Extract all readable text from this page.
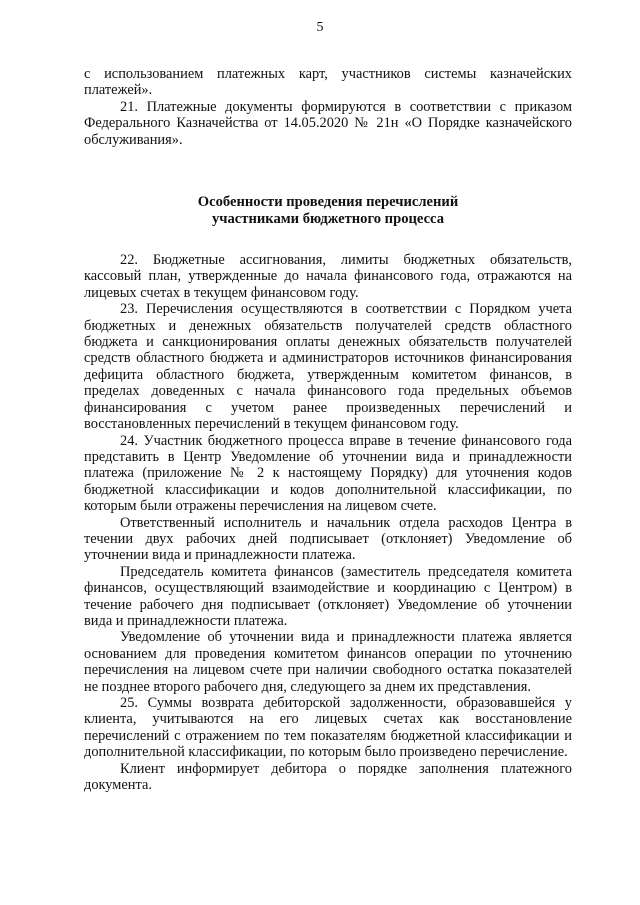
5

с использованием платежных карт, участников системы казначейских платежей».

21. Платежные документы формируются в соответствии с приказом Федерального Казначейства от 14.05.2020 № 21н «О Порядке казначейского обслуживания».

Особенности проведения перечислений
участниками бюджетного процесса

22. Бюджетные ассигнования, лимиты бюджетных обязательств, кассовый план, утвержденные до начала финансового года, отражаются на лицевых счетах в текущем финансовом году.

23. Перечисления осуществляются в соответствии с Порядком учета бюджетных и денежных обязательств получателей средств областного бюджета и санкционирования оплаты денежных обязательств получателей средств областного бюджета и администраторов источников финансирования дефицита областного бюджета, утвержденным комитетом финансов, в пределах доведенных с начала финансового года предельных объемов финансирования с учетом ранее произведенных перечислений и восстановленных перечислений в текущем финансовом году.

24. Участник бюджетного процесса вправе в течение финансового года представить в Центр Уведомление об уточнении вида и принадлежности платежа (приложение № 2 к настоящему Порядку) для уточнения кодов бюджетной классификации и кодов дополнительной классификации, по которым были отражены перечисления на лицевом счете.

Ответственный исполнитель и начальник отдела расходов Центра в течении двух рабочих дней подписывает (отклоняет) Уведомление об уточнении вида и принадлежности платежа.

Председатель комитета финансов (заместитель председателя комитета финансов, осуществляющий взаимодействие и координацию с Центром) в течение рабочего дня подписывает (отклоняет) Уведомление об уточнении вида и принадлежности платежа.

Уведомление об уточнении вида и принадлежности платежа является основанием для проведения комитетом финансов операции по уточнению перечисления на лицевом счете при наличии свободного остатка показателей не позднее второго рабочего дня, следующего за днем их представления.

25. Суммы возврата дебиторской задолженности, образовавшейся у клиента, учитываются на его лицевых счетах как восстановление перечислений с отражением по тем показателям бюджетной классификации и дополнительной классификации, по которым было произведено перечисление.

Клиент информирует дебитора о порядке заполнения платежного документа.
